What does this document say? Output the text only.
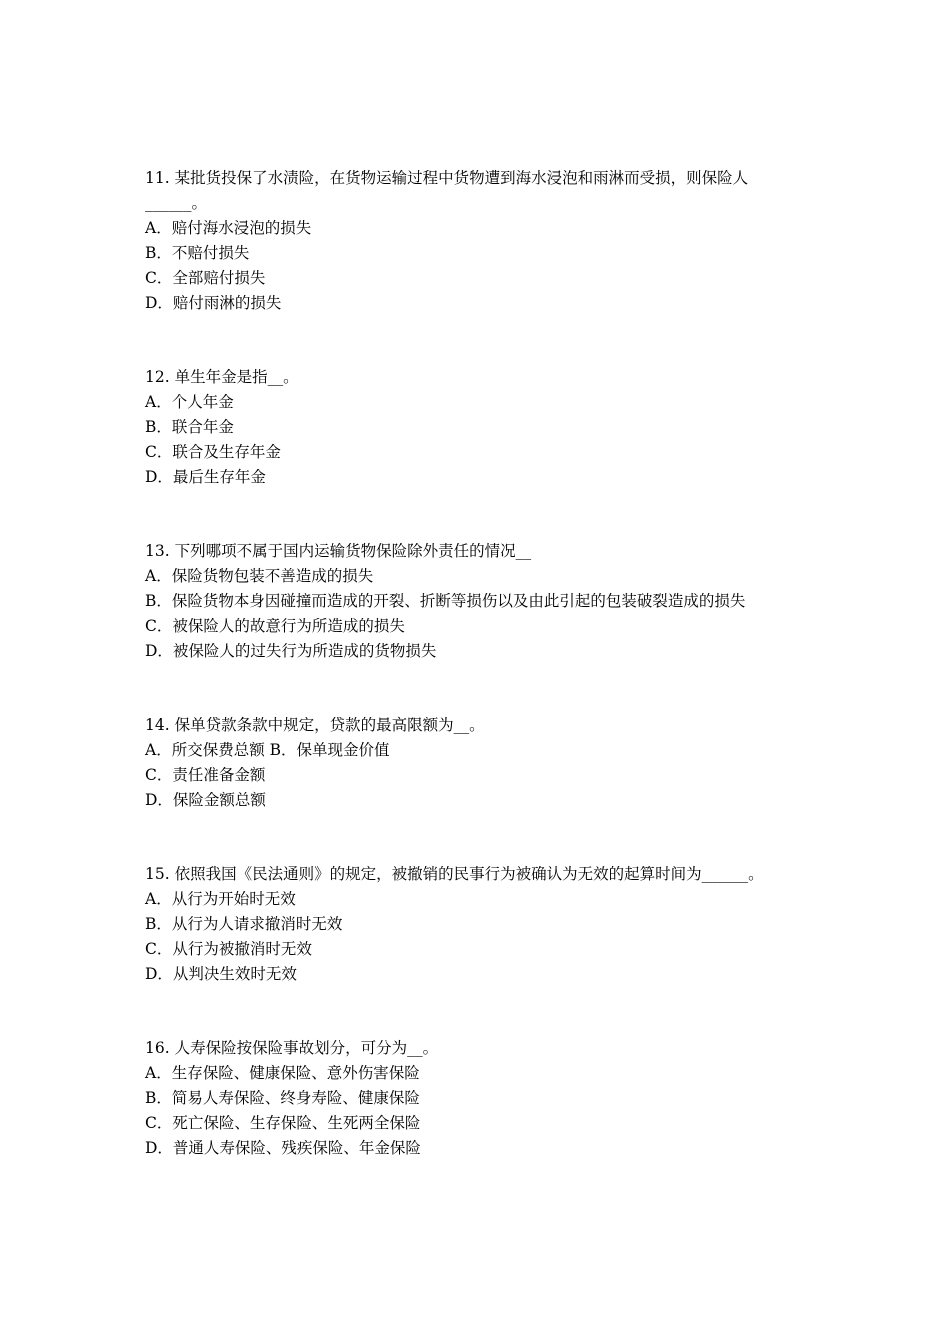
11. 某批货投保了水渍险，在货物运输过程中货物遭到海水浸泡和雨淋而受损，则保险人
______。
A．赔付海水浸泡的损失
B．不赔付损失
C．全部赔付损失
D．赔付雨淋的损失
12. 单生年金是指__。
A．个人年金
B．联合年金
C．联合及生存年金
D．最后生存年金
13. 下列哪项不属于国内运输货物保险除外责任的情况__
A．保险货物包装不善造成的损失
B．保险货物本身因碰撞而造成的开裂、折断等损伤以及由此引起的包装破裂造成的损失
C．被保险人的故意行为所造成的损失
D．被保险人的过失行为所造成的货物损失
14. 保单贷款条款中规定，贷款的最高限额为__。
A．所交保费总额 B．保单现金价值
C．责任准备金额
D．保险金额总额
15. 依照我国《民法通则》的规定，被撤销的民事行为被确认为无效的起算时间为______。
A．从行为开始时无效
B．从行为人请求撤消时无效
C．从行为被撤消时无效
D．从判决生效时无效
16. 人寿保险按保险事故划分，可分为__。
A．生存保险、健康保险、意外伤害保险
B．简易人寿保险、终身寿险、健康保险
C．死亡保险、生存保险、生死两全保险
D．普通人寿保险、残疾保险、年金保险
